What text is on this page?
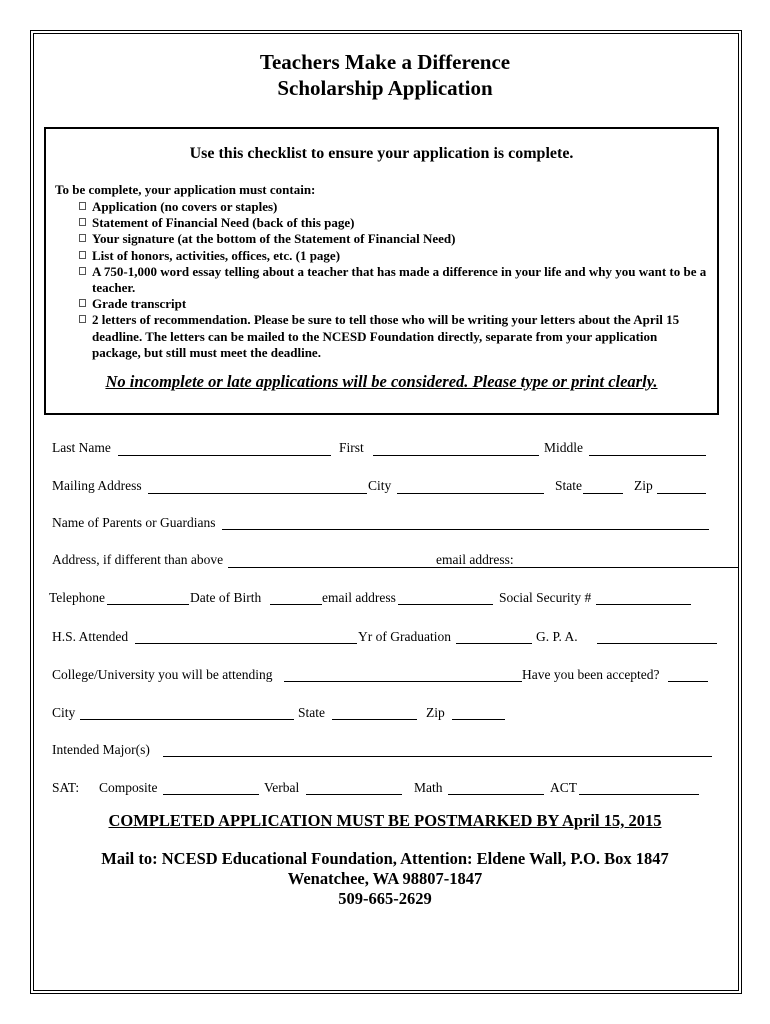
Teachers Make a Difference
Scholarship Application
Use this checklist to ensure your application is complete.
To be complete, your application must contain:
Application (no covers or staples)
Statement of Financial Need (back of this page)
Your signature (at the bottom of the Statement of Financial Need)
List of honors, activities, offices, etc. (1 page)
A 750-1,000 word essay telling about a teacher that has made a difference in your life and why you want to be a teacher.
Grade transcript
2 letters of recommendation. Please be sure to tell those who will be writing your letters about the April 15 deadline. The letters can be mailed to the NCESD Foundation directly, separate from your application package, but still must meet the deadline.
No incomplete or late applications will be considered. Please type or print clearly.
Last Name	First	Middle
Mailing Address	City	State	Zip
Name of Parents or Guardians
Address, if different than above	email address:
Telephone	Date of Birth	email address	Social Security #
H.S. Attended	Yr of Graduation	G. P. A.
College/University you will be attending	Have you been accepted?
City	State	Zip
Intended Major(s)
SAT: Composite	Verbal	Math	ACT
COMPLETED APPLICATION MUST BE POSTMARKED BY April 15, 2015
Mail to: NCESD Educational Foundation, Attention: Eldene Wall, P.O. Box 1847
Wenatchee, WA 98807-1847
509-665-2629
